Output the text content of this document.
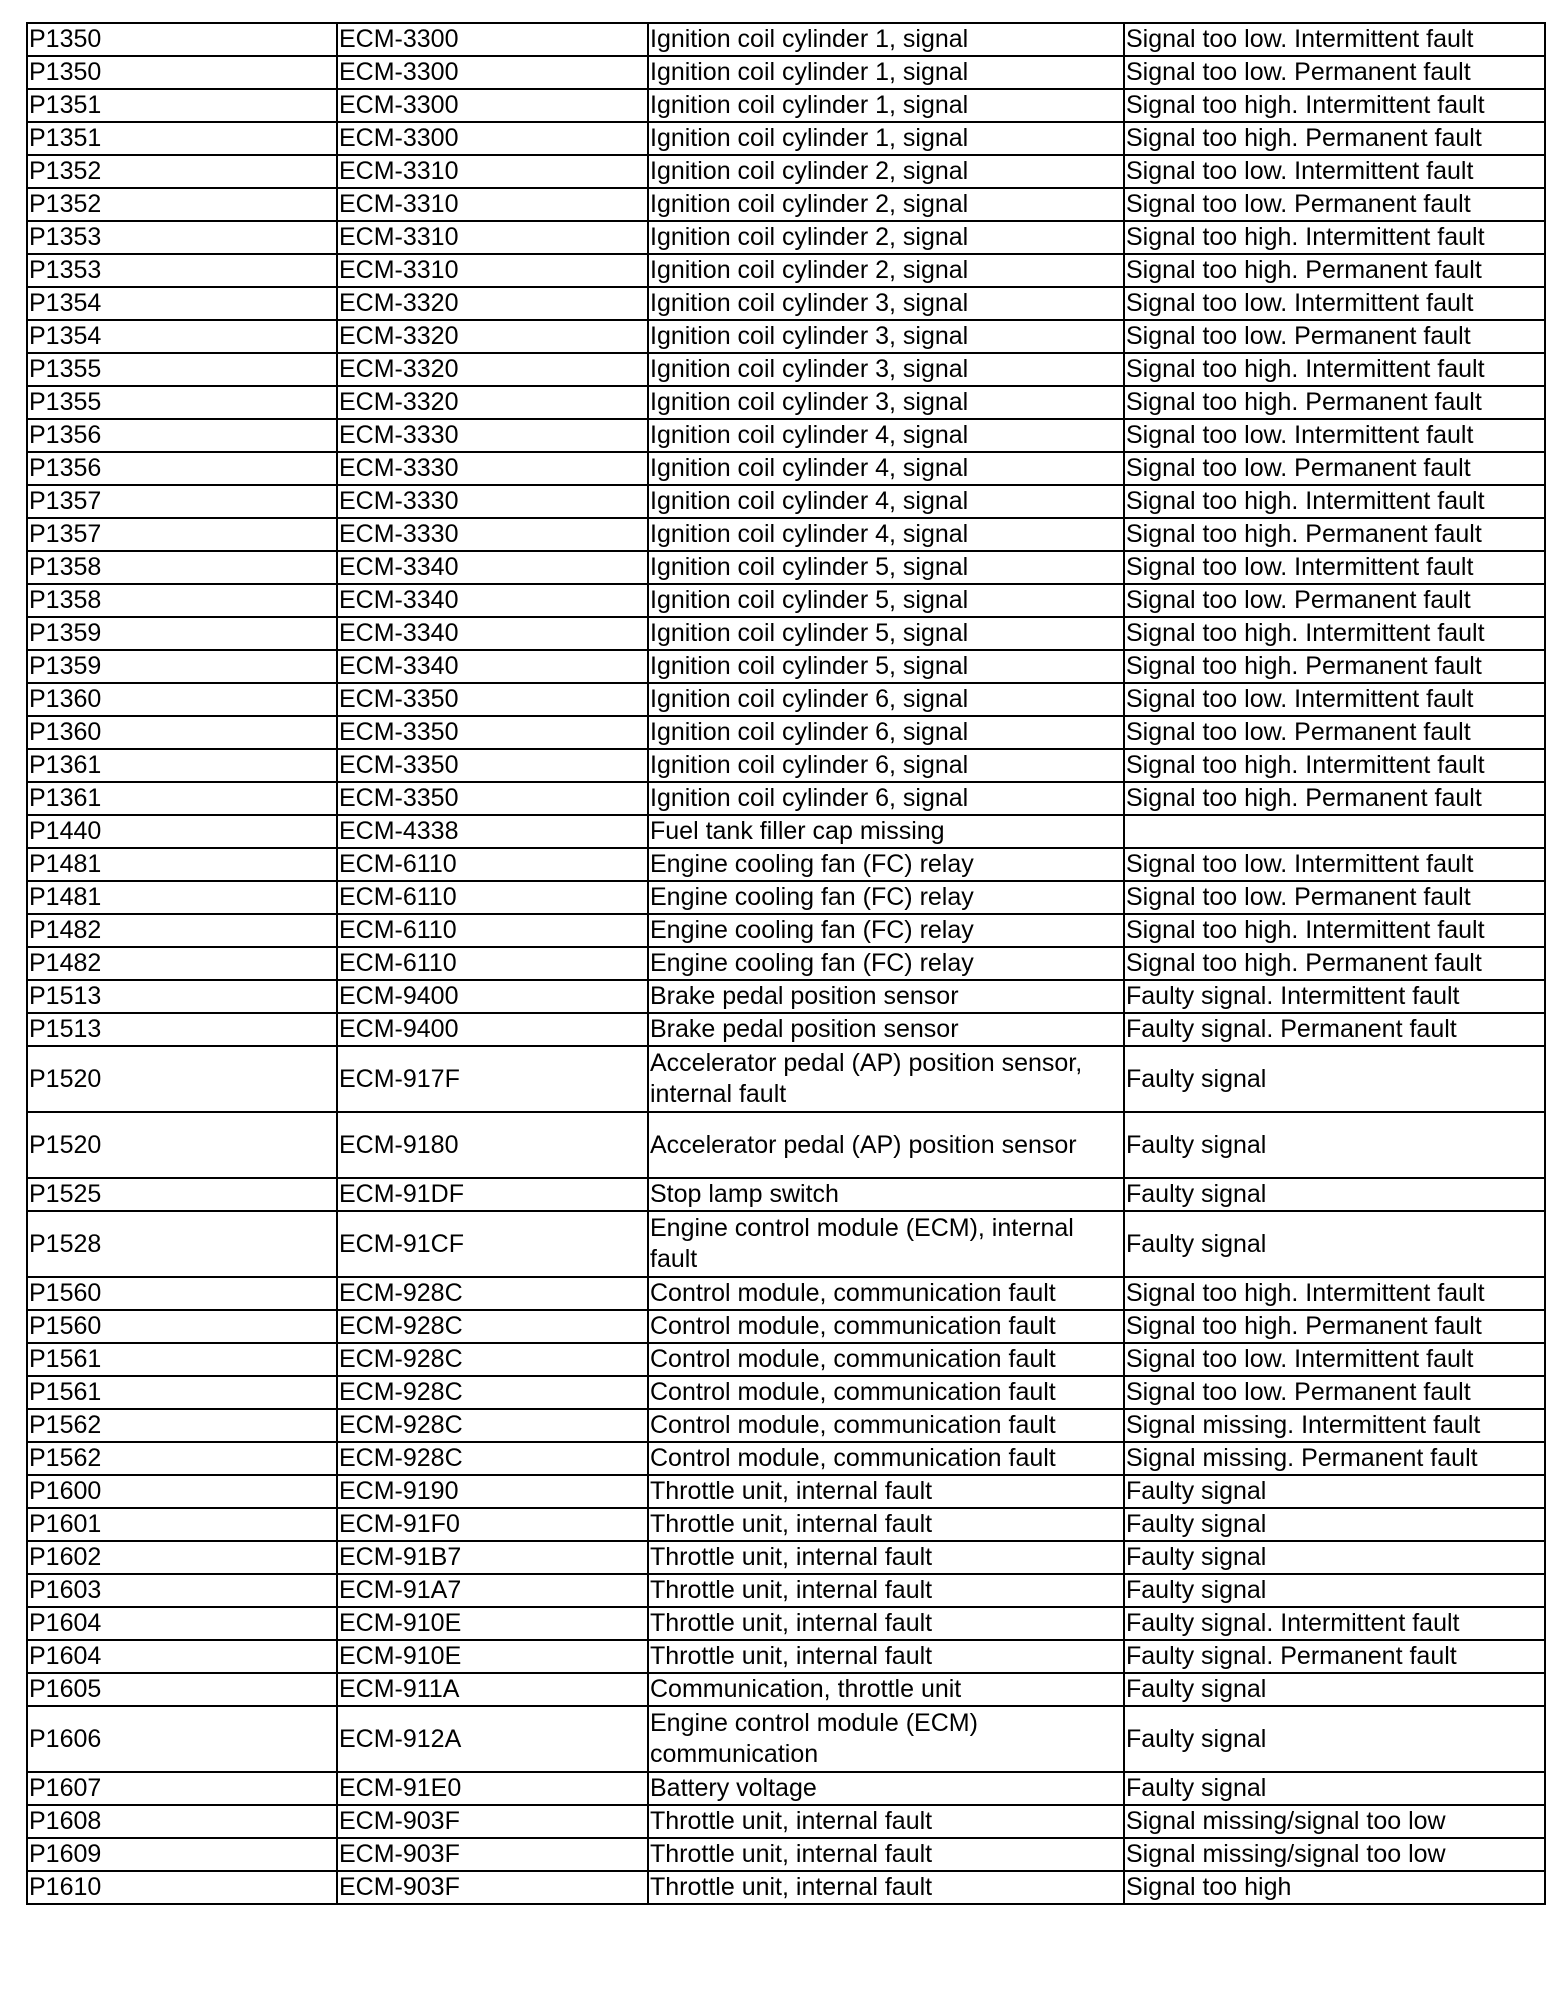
P1350	ECM-3300	Ignition coil cylinder 1, signal	Signal too low. Intermittent fault
P1350	ECM-3300	Ignition coil cylinder 1, signal	Signal too low. Permanent fault
P1351	ECM-3300	Ignition coil cylinder 1, signal	Signal too high. Intermittent fault
P1351	ECM-3300	Ignition coil cylinder 1, signal	Signal too high. Permanent fault
P1352	ECM-3310	Ignition coil cylinder 2, signal	Signal too low. Intermittent fault
P1352	ECM-3310	Ignition coil cylinder 2, signal	Signal too low. Permanent fault
P1353	ECM-3310	Ignition coil cylinder 2, signal	Signal too high. Intermittent fault
P1353	ECM-3310	Ignition coil cylinder 2, signal	Signal too high. Permanent fault
P1354	ECM-3320	Ignition coil cylinder 3, signal	Signal too low. Intermittent fault
P1354	ECM-3320	Ignition coil cylinder 3, signal	Signal too low. Permanent fault
P1355	ECM-3320	Ignition coil cylinder 3, signal	Signal too high. Intermittent fault
P1355	ECM-3320	Ignition coil cylinder 3, signal	Signal too high. Permanent fault
P1356	ECM-3330	Ignition coil cylinder 4, signal	Signal too low. Intermittent fault
P1356	ECM-3330	Ignition coil cylinder 4, signal	Signal too low. Permanent fault
P1357	ECM-3330	Ignition coil cylinder 4, signal	Signal too high. Intermittent fault
P1357	ECM-3330	Ignition coil cylinder 4, signal	Signal too high. Permanent fault
P1358	ECM-3340	Ignition coil cylinder 5, signal	Signal too low. Intermittent fault
P1358	ECM-3340	Ignition coil cylinder 5, signal	Signal too low. Permanent fault
P1359	ECM-3340	Ignition coil cylinder 5, signal	Signal too high. Intermittent fault
P1359	ECM-3340	Ignition coil cylinder 5, signal	Signal too high. Permanent fault
P1360	ECM-3350	Ignition coil cylinder 6, signal	Signal too low. Intermittent fault
P1360	ECM-3350	Ignition coil cylinder 6, signal	Signal too low. Permanent fault
P1361	ECM-3350	Ignition coil cylinder 6, signal	Signal too high. Intermittent fault
P1361	ECM-3350	Ignition coil cylinder 6, signal	Signal too high. Permanent fault
P1440	ECM-4338	Fuel tank filler cap missing	
P1481	ECM-6110	Engine cooling fan (FC) relay	Signal too low. Intermittent fault
P1481	ECM-6110	Engine cooling fan (FC) relay	Signal too low. Permanent fault
P1482	ECM-6110	Engine cooling fan (FC) relay	Signal too high. Intermittent fault
P1482	ECM-6110	Engine cooling fan (FC) relay	Signal too high. Permanent fault
P1513	ECM-9400	Brake pedal position sensor	Faulty signal. Intermittent fault
P1513	ECM-9400	Brake pedal position sensor	Faulty signal. Permanent fault
P1520	ECM-917F	Accelerator pedal (AP) position sensor, internal fault	Faulty signal
P1520	ECM-9180	Accelerator pedal (AP) position sensor	Faulty signal
P1525	ECM-91DF	Stop lamp switch	Faulty signal
P1528	ECM-91CF	Engine control module (ECM), internal fault	Faulty signal
P1560	ECM-928C	Control module, communication fault	Signal too high. Intermittent fault
P1560	ECM-928C	Control module, communication fault	Signal too high. Permanent fault
P1561	ECM-928C	Control module, communication fault	Signal too low. Intermittent fault
P1561	ECM-928C	Control module, communication fault	Signal too low. Permanent fault
P1562	ECM-928C	Control module, communication fault	Signal missing. Intermittent fault
P1562	ECM-928C	Control module, communication fault	Signal missing. Permanent fault
P1600	ECM-9190	Throttle unit, internal fault	Faulty signal
P1601	ECM-91F0	Throttle unit, internal fault	Faulty signal
P1602	ECM-91B7	Throttle unit, internal fault	Faulty signal
P1603	ECM-91A7	Throttle unit, internal fault	Faulty signal
P1604	ECM-910E	Throttle unit, internal fault	Faulty signal. Intermittent fault
P1604	ECM-910E	Throttle unit, internal fault	Faulty signal. Permanent fault
P1605	ECM-911A	Communication, throttle unit	Faulty signal
P1606	ECM-912A	Engine control module (ECM) communication	Faulty signal
P1607	ECM-91E0	Battery voltage	Faulty signal
P1608	ECM-903F	Throttle unit, internal fault	Signal missing/signal too low
P1609	ECM-903F	Throttle unit, internal fault	Signal missing/signal too low
P1610	ECM-903F	Throttle unit, internal fault	Signal too high
